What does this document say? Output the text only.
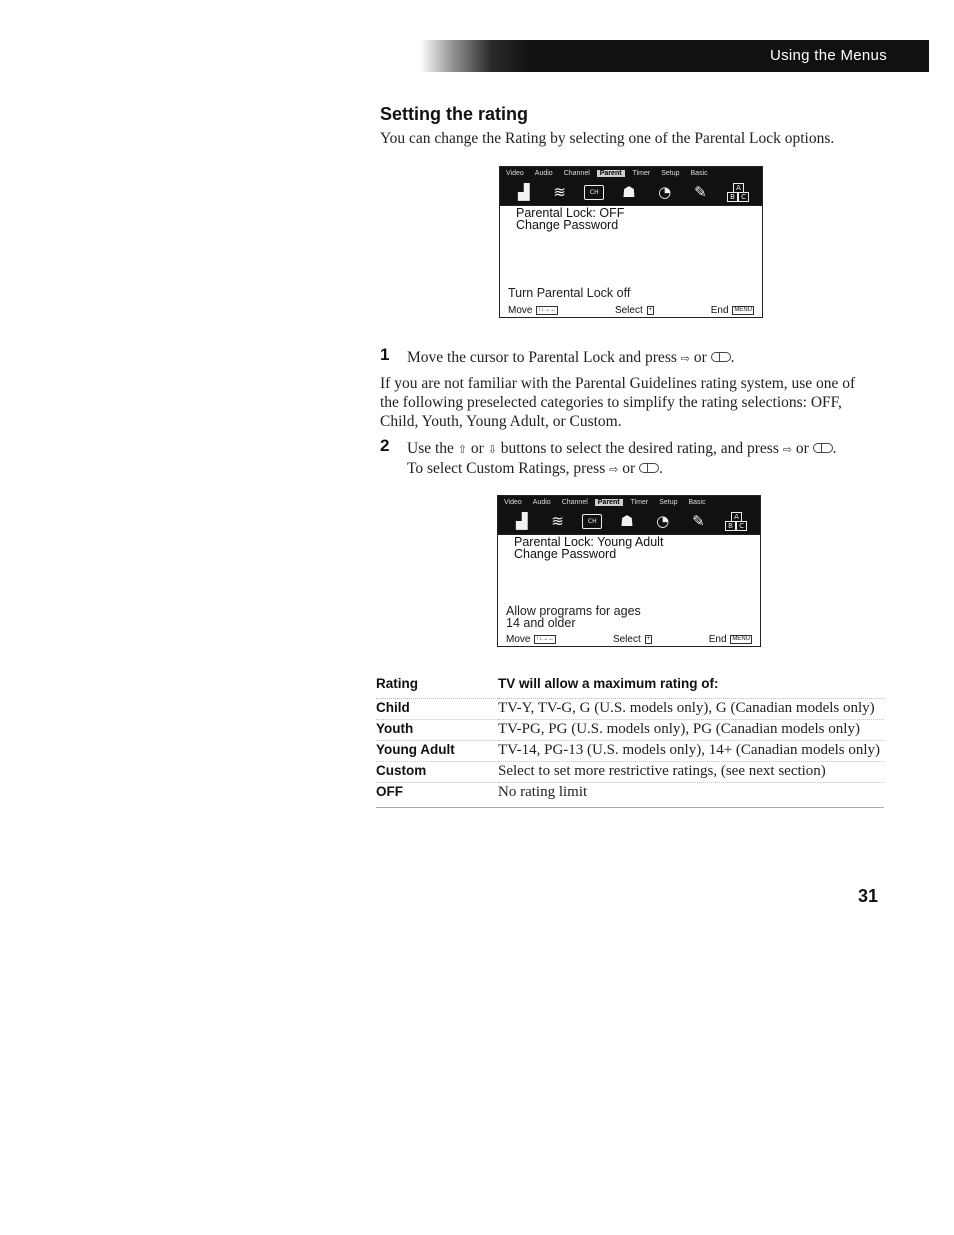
Using the Menus
Setting the rating
You can change the Rating by selecting one of the Parental Lock options.
Video Audio Channel	Parent	Timer Setup Basic
▟	≋	CH	☗ ◔	✎	A
B C
Parental Lock: OFF
Change Password
Turn Parental Lock off
Move ↑↓→←	Select +	End MENU
1 Move the cursor to Parental Lock and press ⇨ or .
If you are not familiar with the Parental Guidelines rating system, use one of the following preselected categories to simplify the rating selections: OFF, Child, Youth, Young Adult, or Custom.
2 Use the ⇧ or ⇩ buttons to select the desired rating, and press ⇨ or .
To select Custom Ratings, press ⇨ or .
Video Audio Channel	Parent	Timer Setup Basic
▟	≋	CH	☗ ◔	✎	A
B C
Parental Lock: Young Adult
Change Password
Allow programs for ages
14 and older
Move ↑↓→←	Select +	End MENU
Rating	TV will allow a maximum rating of:
Child	TV-Y, TV-G, G (U.S. models only), G (Canadian models only)
Youth	TV-PG, PG (U.S. models only), PG (Canadian models only)
Young Adult	TV-14, PG-13 (U.S. models only), 14+ (Canadian models only)
Custom	Select to set more restrictive ratings, (see next section)
OFF	No rating limit
31
